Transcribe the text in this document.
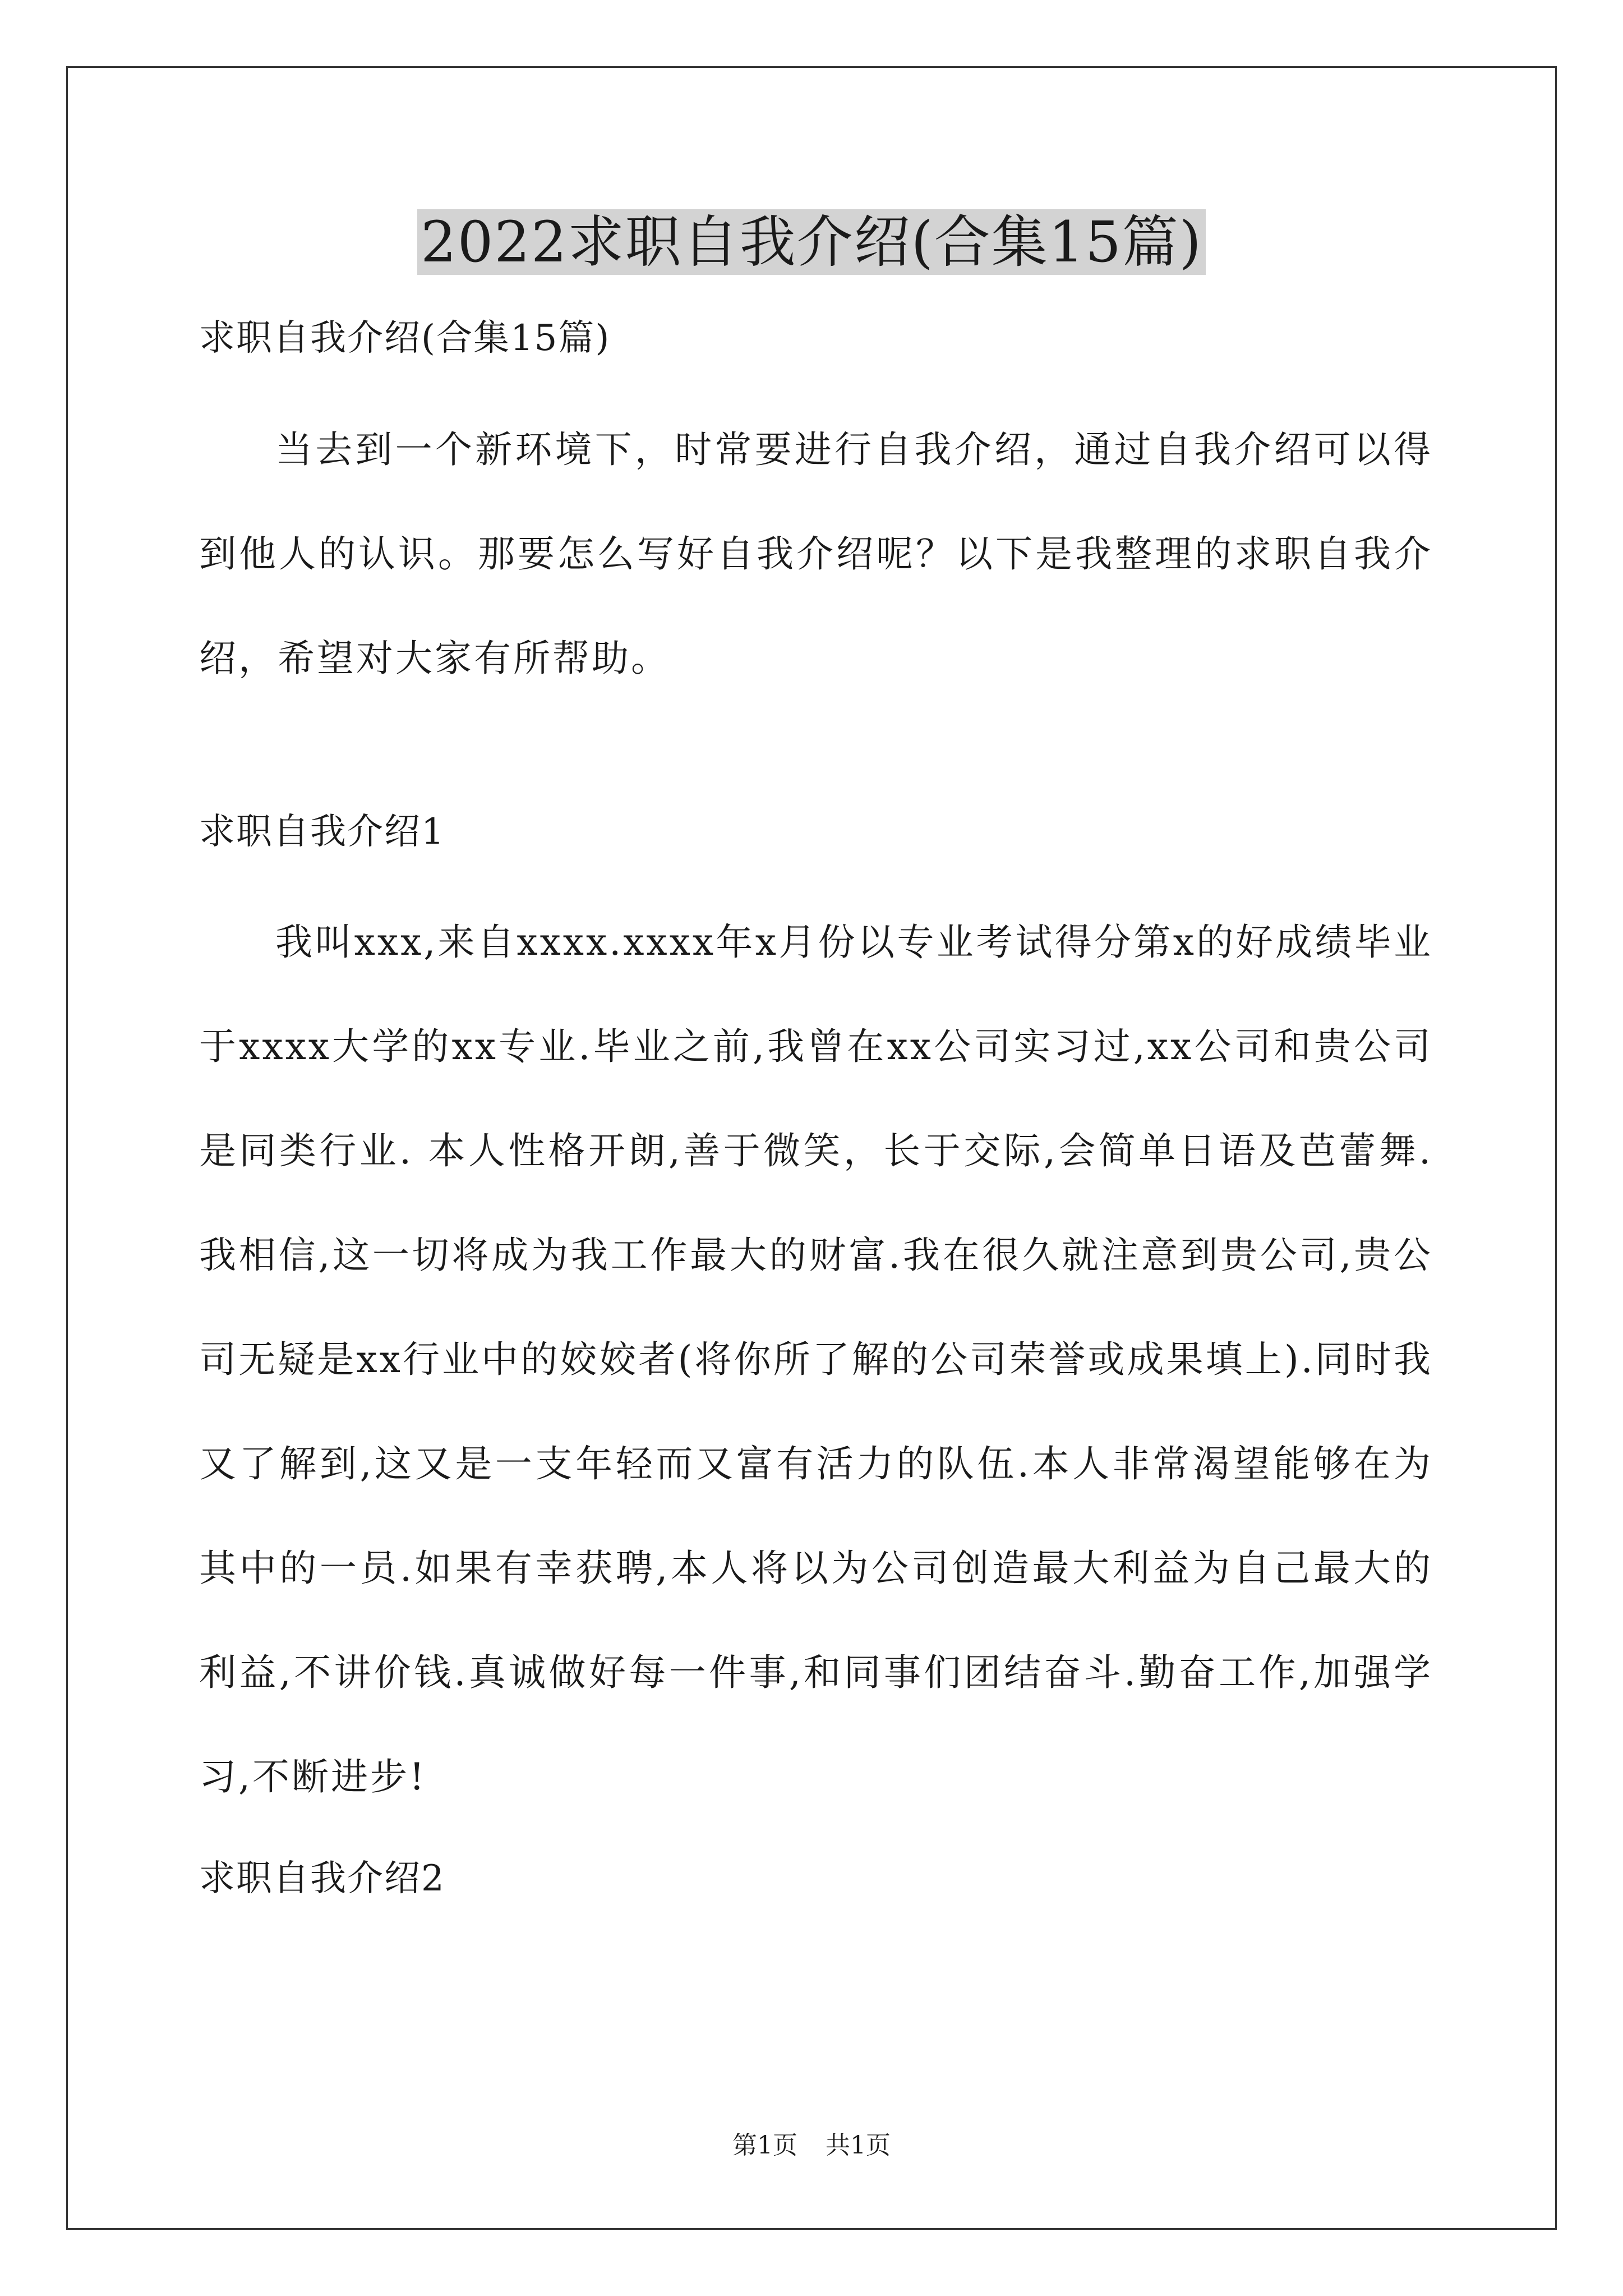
2022求职自我介绍(合集15篇)

求职自我介绍(合集15篇)

当去到一个新环境下，时常要进行自我介绍，通过自我介绍可以得到他人的认识。那要怎么写好自我介绍呢？以下是我整理的求职自我介绍，希望对大家有所帮助。

求职自我介绍1

我叫xxx,来自xxxx.xxxx年x月份以专业考试得分第x的好成绩毕业于xxxx大学的xx专业.毕业之前,我曾在xx公司实习过,xx公司和贵公司是同类行业. 本人性格开朗,善于微笑，长于交际,会简单日语及芭蕾舞.我相信,这一切将成为我工作最大的财富.我在很久就注意到贵公司,贵公司无疑是xx行业中的姣姣者(将你所了解的公司荣誉或成果填上).同时我又了解到,这又是一支年轻而又富有活力的队伍.本人非常渴望能够在为其中的一员.如果有幸获聘,本人将以为公司创造最大利益为自己最大的利益,不讲价钱.真诚做好每一件事,和同事们团结奋斗.勤奋工作,加强学习,不断进步!

求职自我介绍2

第1页 共1页
